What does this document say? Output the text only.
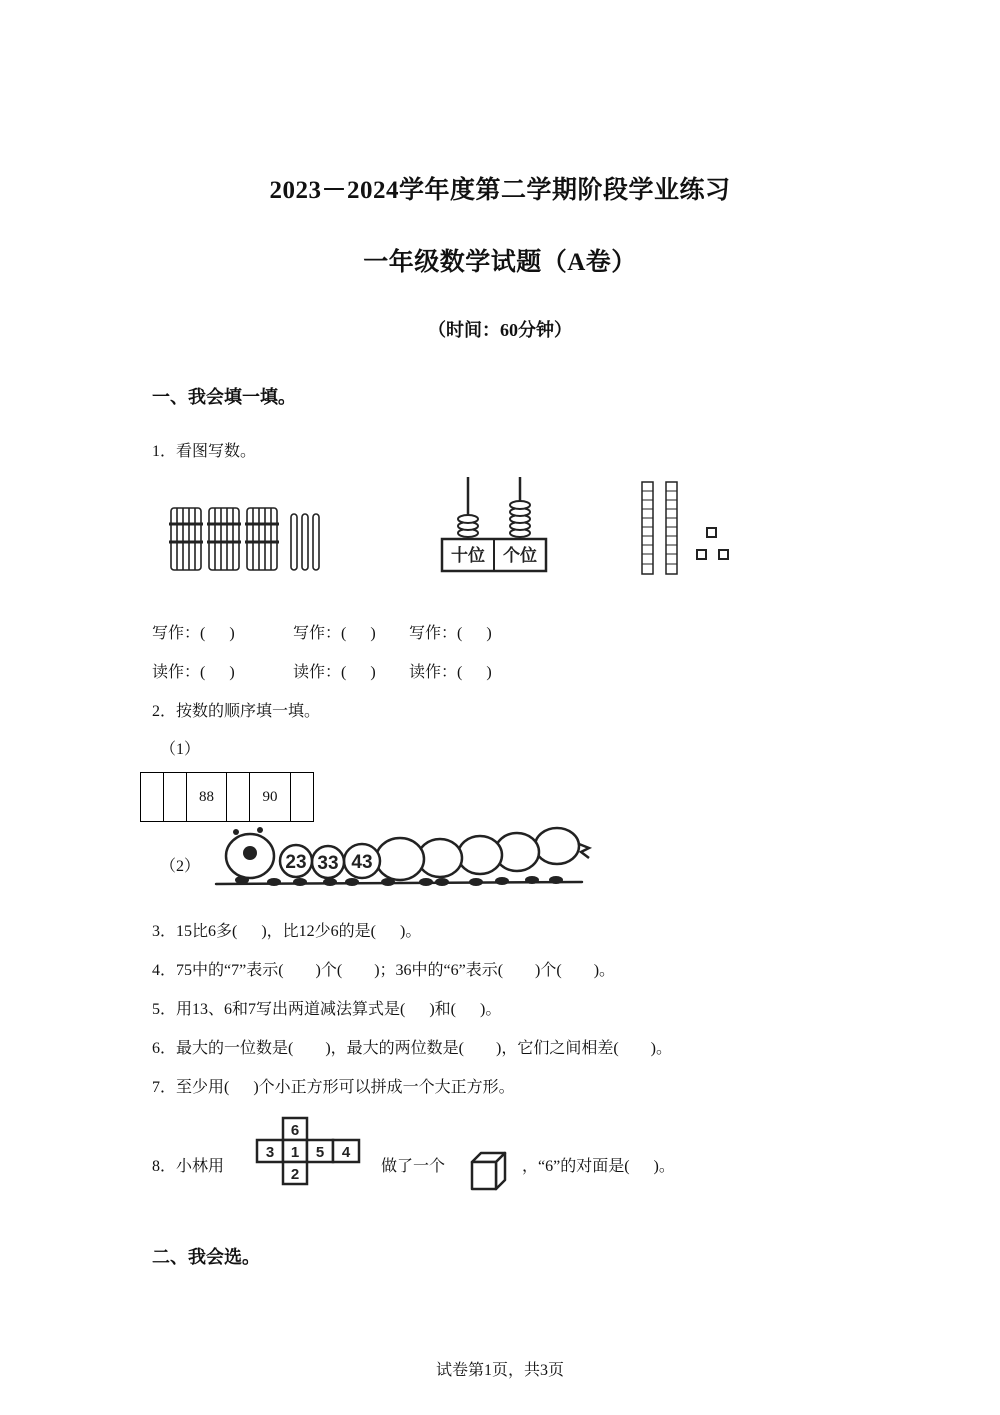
2023－2024学年度第二学期阶段学业练习
一年级数学试题（A卷）
（时间：60分钟）
一、我会填一填。
1．看图写数。
十位 个位
写作：(      )	写作：(      ) 写作：(      )
读作：(      )	读作：(      ) 读作：(      )
2．按数的顺序填一填。
（1）
		88		90	
（2）	23 33 43
3．15比6多(      )，比12少6的是(      )。
4．75中的“7”表示(        )个(        )；36中的“6”表示(        )个(        )。
5．用13、6和7写出两道减法算式是(      )和(      )。
6．最大的一位数是(        )，最大的两位数是(        )，它们之间相差(        )。
7．至少用(      )个小正方形可以拼成一个大正方形。
8．小林用
6
3 1 5 4
2	做了一个	，“6”的对面是(      )。
二、我会选。
试卷第1页，共3页
